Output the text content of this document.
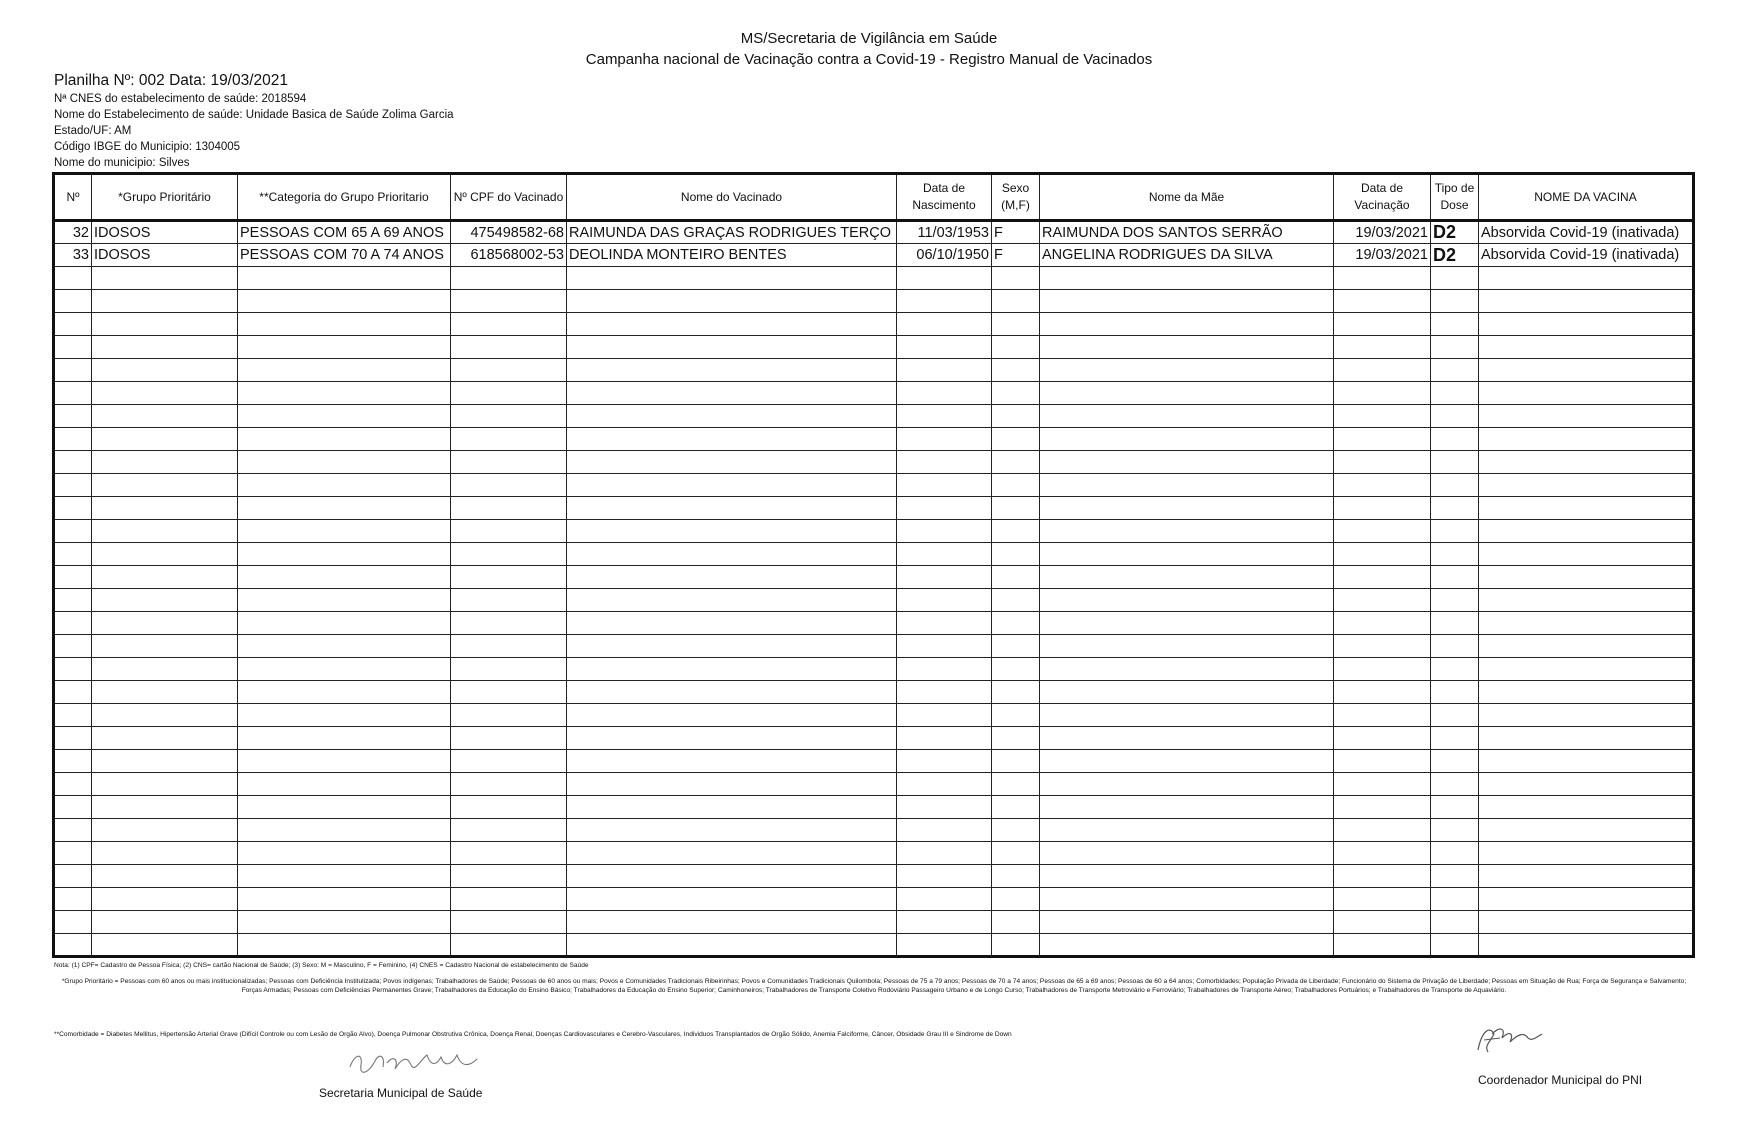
MS/Secretaria de Vigilância em Saúde
Campanha nacional de Vacinação contra a Covid-19 - Registro Manual de Vacinados
Planilha Nº: 002 Data: 19/03/2021
Nª CNES do estabelecimento de saúde: 2018594
Nome do Estabelecimento de saúde: Unidade Basica de Saúde Zolima Garcia
Estado/UF: AM
Código IBGE do Municipio: 1304005
Nome do municipio: Silves
Nº	*Grupo Prioritário	**Categoria do Grupo Prioritario	Nº CPF do Vacinado	Nome do Vacinado	Data de Nascimento	Sexo (M,F)	Nome da Mãe	Data de Vacinação	Tipo de Dose	NOME DA VACINA
32	IDOSOS	PESSOAS COM 65 A 69 ANOS	475498582-68	RAIMUNDA DAS GRAÇAS RODRIGUES TERÇO	11/03/1953	F	RAIMUNDA DOS SANTOS SERRÃO	19/03/2021	D2	Absorvida Covid-19 (inativada)
33	IDOSOS	PESSOAS COM 70 A 74 ANOS	618568002-53	DEOLINDA MONTEIRO BENTES	06/10/1950	F	ANGELINA RODRIGUES DA SILVA	19/03/2021	D2	Absorvida Covid-19 (inativada)

Nota: (1) CPF= Cadastro de Pessoa Física; (2) CNS= cartão Nacional de Saúde; (3) Sexo: M = Masculino, F = Feminino, (4) CNES = Cadastro Nacional de estabelecimento de Saúde
*Grupo Prioritário = Pessoas com 60 anos ou mais institucionalizadas; Pessoas com Deficiência Institulizada; Povos indígenas; Trabalhadores de Saúde; Pessoas de 60 anos ou mais; Povos e Comunidades Tradicionais Ribeirinhas; Povos e Comunidades Tradicionais Quilombola; Pessoas de 75 a 79 anos; Pessoas de 70 a 74 anos; Pessoas de 65 a 69 anos; Pessoas de 60 a 64 anos; Comorbidades; População Privada de Liberdade; Funcionário do Sistema de Privação de Liberdade; Pessoas em Situação de Rua; Força de Segurança e Salvamento; Forças Armadas; Pessoas com Deficiências Permanentes Grave; Trabalhadores da Educação do Ensino Básico; Trabalhadores da Educação do Ensino Superior; Caminhoneiros; Trabalhadores de Transporte Coletivo Rodoviário Passageiro Urbano e de Longo Curso; Trabalhadores de Transporte Metroviário e Ferroviário; Trabalhadores de Transporte Aéreo; Trabalhadores Portuários; e Trabalhadores de Transporte de Aquaviário.
**Comorbidade = Diabetes Mellitus, Hipertensão Arterial Grave (Difícil Controle ou com Lesão de Orgão Alvo), Doença Pulmonar Obstrutiva Crônica, Doença Renal, Doenças Cardiovasculares e Cerebro-Vasculares, Individuos Transplantados de Orgão Sólido, Anemia Falciforme, Câncer, Obsidade Grau III e Sindrome de Down
Secretaria Municipal de Saúde
Coordenador Municipal do PNI
